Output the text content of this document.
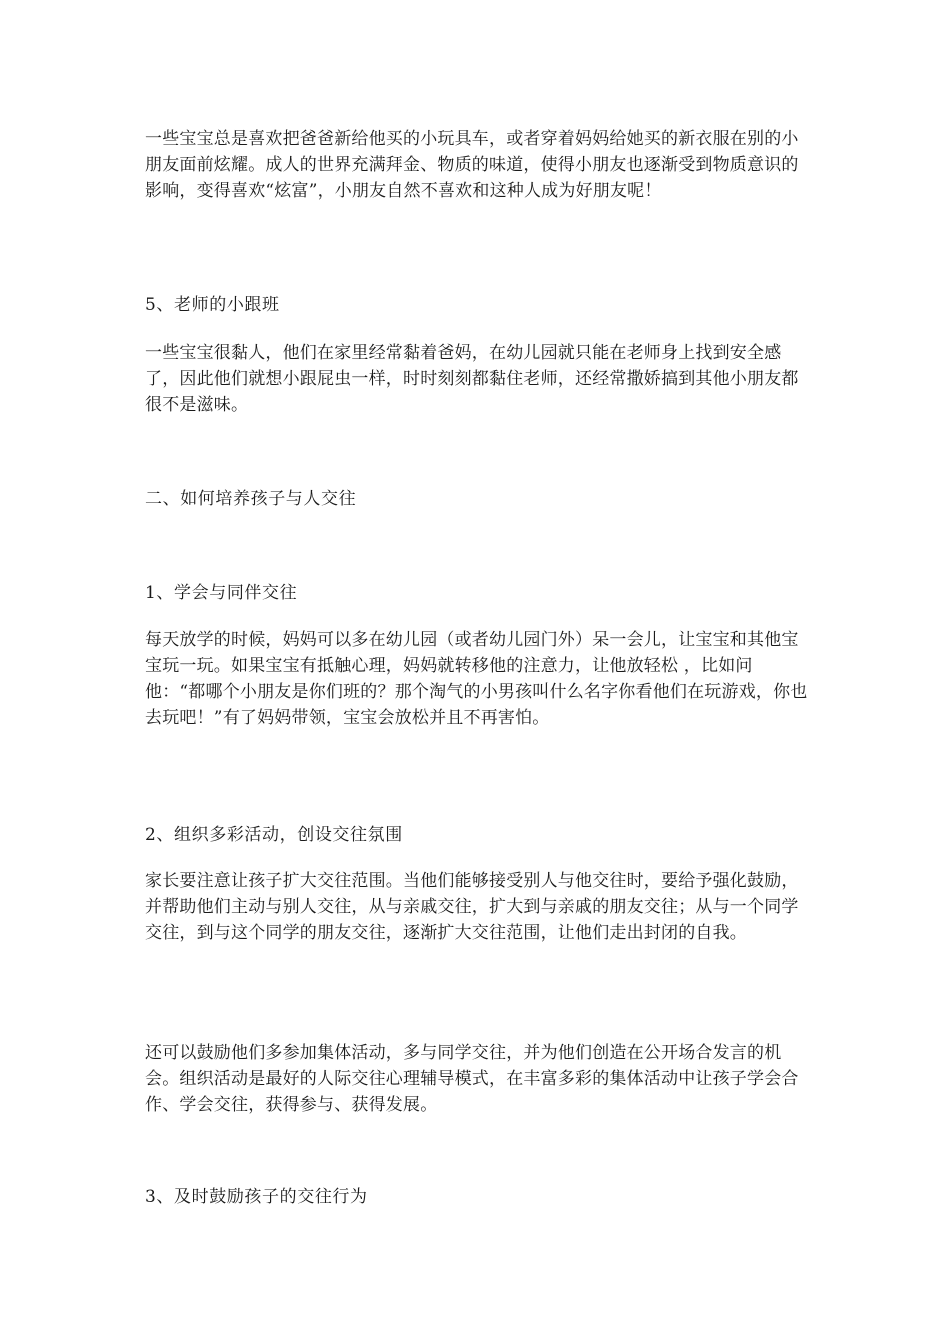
一些宝宝总是喜欢把爸爸新给他买的小玩具车，或者穿着妈妈给她买的新衣服在别的小朋友面前炫耀。成人的世界充满拜金、物质的味道，使得小朋友也逐渐受到物质意识的影响，变得喜欢“炫富”，小朋友自然不喜欢和这种人成为好朋友呢！

5、老师的小跟班

一些宝宝很黏人，他们在家里经常黏着爸妈，在幼儿园就只能在老师身上找到安全感了，因此他们就想小跟屁虫一样，时时刻刻都黏住老师，还经常撒娇搞到其他小朋友都很不是滋味。

二、如何培养孩子与人交往

1、学会与同伴交往

每天放学的时候，妈妈可以多在幼儿园（或者幼儿园门外）呆一会儿，让宝宝和其他宝宝玩一玩。如果宝宝有抵触心理，妈妈就转移他的注意力，让他放轻松 ，比如问他：“都哪个小朋友是你们班的？那个淘气的小男孩叫什么名字你看他们在玩游戏，你也去玩吧！”有了妈妈带领，宝宝会放松并且不再害怕。

2、组织多彩活动，创设交往氛围

家长要注意让孩子扩大交往范围。当他们能够接受别人与他交往时，要给予强化鼓励，并帮助他们主动与别人交往，从与亲戚交往，扩大到与亲戚的朋友交往；从与一个同学交往，到与这个同学的朋友交往，逐渐扩大交往范围，让他们走出封闭的自我。

还可以鼓励他们多参加集体活动，多与同学交往，并为他们创造在公开场合发言的机会。组织活动是最好的人际交往心理辅导模式，在丰富多彩的集体活动中让孩子学会合作、学会交往，获得参与、获得发展。

3、及时鼓励孩子的交往行为
